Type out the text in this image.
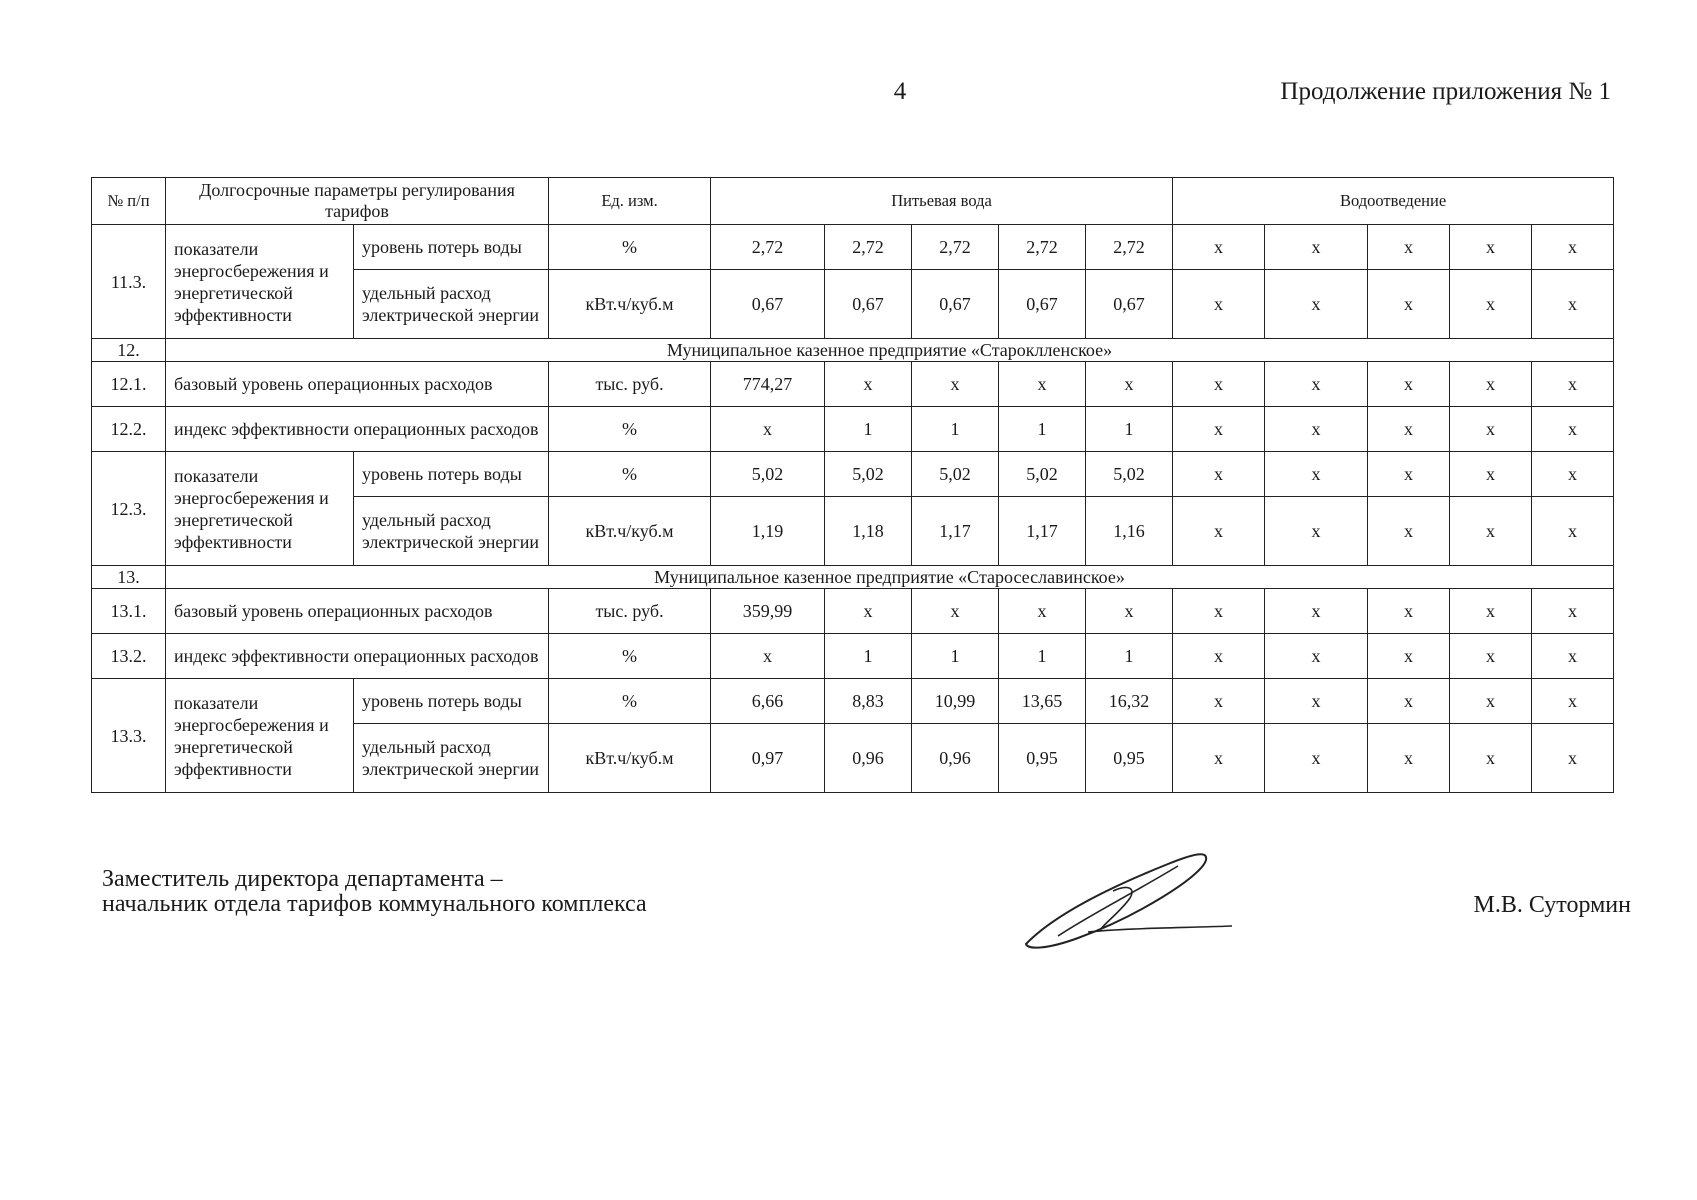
4	Продолжение приложения № 1
№ п/п	Долгосрочные параметры регулирования тарифов		Ед. изм.	Питьевая вода					Водоотведение				
11.3.	показатели энергосбережения и энергетической эффективности	уровень потерь воды	%	2,72	2,72	2,72	2,72	2,72	х	х	х	х	х
		удельный расход электрической энергии	кВт.ч/куб.м	0,67	0,67	0,67	0,67	0,67	х	х	х	х	х
12.	Муниципальное казенное предприятие «Староклленское»												
12.1.	базовый уровень операционных расходов		тыс. руб.	774,27	х	х	х	х	х	х	х	х	х
12.2.	индекс эффективности операционных расходов		%	х	1	1	1	1	х	х	х	х	х
12.3.	показатели энергосбережения и энергетической эффективности	уровень потерь воды	%	5,02	5,02	5,02	5,02	5,02	х	х	х	х	х
		удельный расход электрической энергии	кВт.ч/куб.м	1,19	1,18	1,17	1,17	1,16	х	х	х	х	х
13.	Муниципальное казенное предприятие «Старосеславинское»												
13.1.	базовый уровень операционных расходов		тыс. руб.	359,99	х	х	х	х	х	х	х	х	х
13.2.	индекс эффективности операционных расходов		%	х	1	1	1	1	х	х	х	х	х
13.3.	показатели энергосбережения и энергетической эффективности	уровень потерь воды	%	6,66	8,83	10,99	13,65	16,32	х	х	х	х	х
		удельный расход электрической энергии	кВт.ч/куб.м	0,97	0,96	0,96	0,95	0,95	х	х	х	х	х
Заместитель директора департамента –
начальник отдела тарифов коммунального комплекса	М.В. Сутормин
